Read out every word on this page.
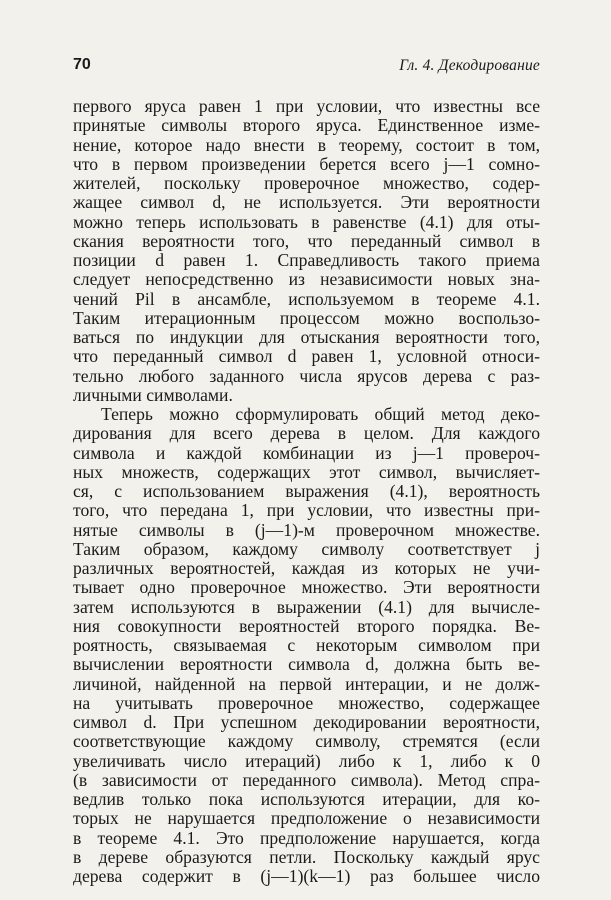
70	Гл. 4. Декодирование
первого яруса равен 1 при условии, что известны все
принятые символы второго яруса. Единственное изме-
нение, которое надо внести в теорему, состоит в том,
что в первом произведении берется всего j—1 сомно-
жителей, поскольку проверочное множество, содер-
жащее символ d, не используется. Эти вероятности
можно теперь использовать в равенстве (4.1) для оты-
скания вероятности того, что переданный символ в
позиции d равен 1. Справедливость такого приема
следует непосредственно из независимости новых зна-
чений Pil в ансамбле, используемом в теореме 4.1.
Таким итерационным процессом можно воспользо-
ваться по индукции для отыскания вероятности того,
что переданный символ d равен 1, условной относи-
тельно любого заданного числа ярусов дерева с раз-
личными символами.
Теперь можно сформулировать общий метод деко-
дирования для всего дерева в целом. Для каждого
символа и каждой комбинации из j—1 провероч-
ных множеств, содержащих этот символ, вычисляет-
ся, с использованием выражения (4.1), вероятность
того, что передана 1, при условии, что известны при-
нятые символы в (j—1)-м проверочном множестве.
Таким образом, каждому символу соответствует j
различных вероятностей, каждая из которых не учи-
тывает одно проверочное множество. Эти вероятности
затем используются в выражении (4.1) для вычисле-
ния совокупности вероятностей второго порядка. Ве-
роятность, связываемая с некоторым символом при
вычислении вероятности символа d, должна быть ве-
личиной, найденной на первой интерации, и не долж-
на учитывать проверочное множество, содержащее
символ d. При успешном декодировании вероятности,
соответствующие каждому символу, стремятся (если
увеличивать число итераций) либо к 1, либо к 0
(в зависимости от переданного символа). Метод спра-
ведлив только пока используются итерации, для ко-
торых не нарушается предположение о независимости
в теореме 4.1. Это предположение нарушается, когда
в дереве образуются петли. Поскольку каждый ярус
дерева содержит в (j—1)(k—1) раз большее число
